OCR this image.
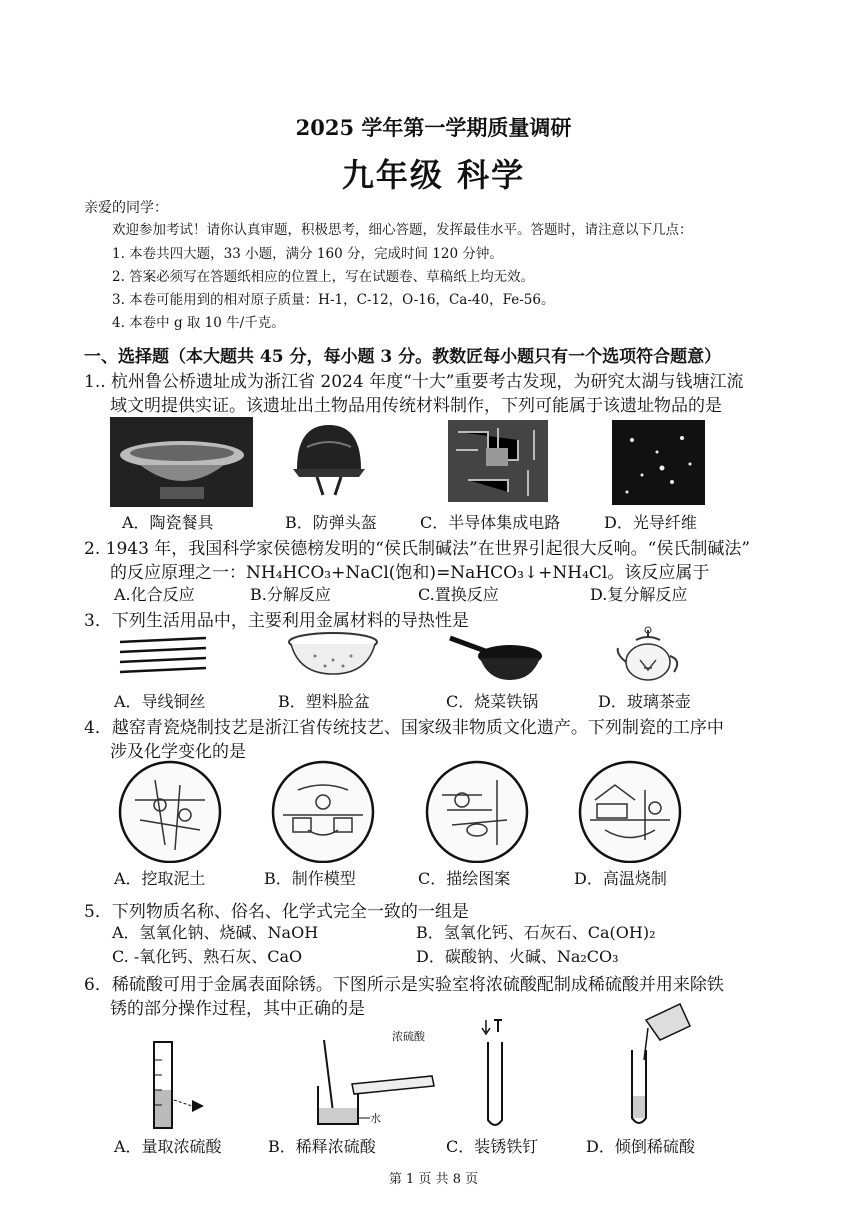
2025 学年第一学期质量调研
九年级 科学
亲爱的同学：
欢迎参加考试！请你认真审题，积极思考，细心答题，发挥最佳水平。答题时，请注意以下几点：
1. 本卷共四大题，33 小题，满分 160 分，完成时间 120 分钟。
2. 答案必须写在答题纸相应的位置上，写在试题卷、草稿纸上均无效。
3. 本卷可能用到的相对原子质量：H-1，C-12，O-16，Ca-40，Fe-56。
4. 本卷中 g 取 10 牛/千克。
一、选择题（本大题共 45 分，每小题 3 分。教数匠每小题只有一个选项符合题意）
1.. 杭州鲁公桥遗址成为浙江省 2024 年度“十大”重要考古发现，为研究太湖与钱塘江流
域文明提供实证。该遗址出土物品用传统材料制作，下列可能属于该遗址物品的是
A．陶瓷餐具	B．防弹头盔	C．半导体集成电路	D．光导纤维
2. 1943 年，我国科学家侯德榜发明的“侯氏制碱法”在世界引起很大反响。“侯氏制碱法”
的反应原理之一：NH₄HCO₃+NaCl(饱和)=NaHCO₃↓+NH₄Cl。该反应属于
A.化合反应	B.分解反应	C.置换反应	D.复分解反应
3．下列生活用品中，主要利用金属材料的导热性是
A．导线铜丝	B．塑料脸盆	C．烧菜铁锅	D．玻璃茶壶
4．越窑青瓷烧制技艺是浙江省传统技艺、国家级非物质文化遗产。下列制瓷的工序中
涉及化学变化的是
A．挖取泥土	B．制作模型	C．描绘图案	D．高温烧制
5．下列物质名称、俗名、化学式完全一致的一组是
A．氢氧化钠、烧碱、NaOH	B．氢氧化钙、石灰石、Ca(OH)₂
C. -氧化钙、熟石灰、CaO	D．碳酸钠、火碱、Na₂CO₃
6．稀硫酸可用于金属表面除锈。下图所示是实验室将浓硫酸配制成稀硫酸并用来除铁
锈的部分操作过程，其中正确的是
浓硫酸
水
A．量取浓硫酸	B．稀释浓硫酸	C．装锈铁钉	D．倾倒稀硫酸
第 1 页 共 8 页
